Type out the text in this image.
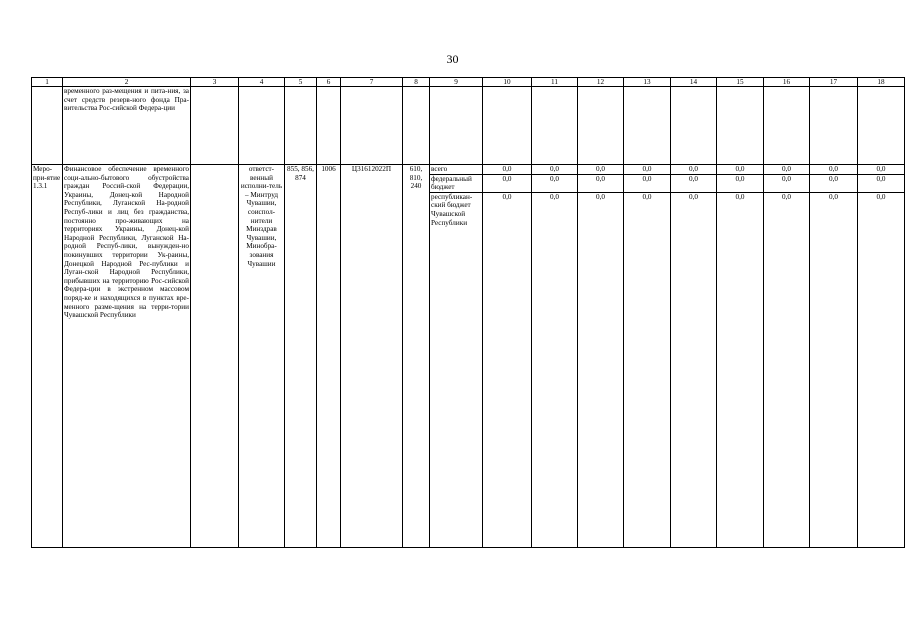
30
1	2	3	4	5	6	7	8	9	10	11	12	13	14	15	16	17	18
	временного раз-мещения и пита-ния, за счет средств резерв-ного фонда Пра-вительства Рос-сийской Федера-ции																
Меро-при-ятие 1.3.1	Финансовое обеспечение временного соци-ально-бытового обустройства граждан Россий-ской Федерации, Украины, Донец-кой Народной Республики, Луганской На-родной Респуб-лики и лиц без гражданства, постоянно про-живающих на территориях Украины, Донец-кой Народной Республики, Луганской На-родной Респуб-лики, вынужден-но покинувших территории Ук-раины, Донецкой Народной Рес-публики и Луган-ской Народной Республики, прибывших на территорию Рос-сийской Федера-ции в экстренном массовом поряд-ке и находящихся в пунктах вре-менного разме-щения на терри-тории Чувашской Республики		ответст-венный исполни-тель – Минтруд Чувашии, соиспол-нители Минздрав Чувашии, Минобра-зования Чувашии	855, 856, 874	1006	Ц31612022П	610, 810, 240	всего	0,0	0,0	0,0	0,0	0,0	0,0	0,0	0,0	0,0
								федеральный бюджет	0,0	0,0	0,0	0,0	0,0	0,0	0,0	0,0	0,0
								республикан-ский бюджет Чувашской Республики	0,0	0,0	0,0	0,0	0,0	0,0	0,0	0,0	0,0
